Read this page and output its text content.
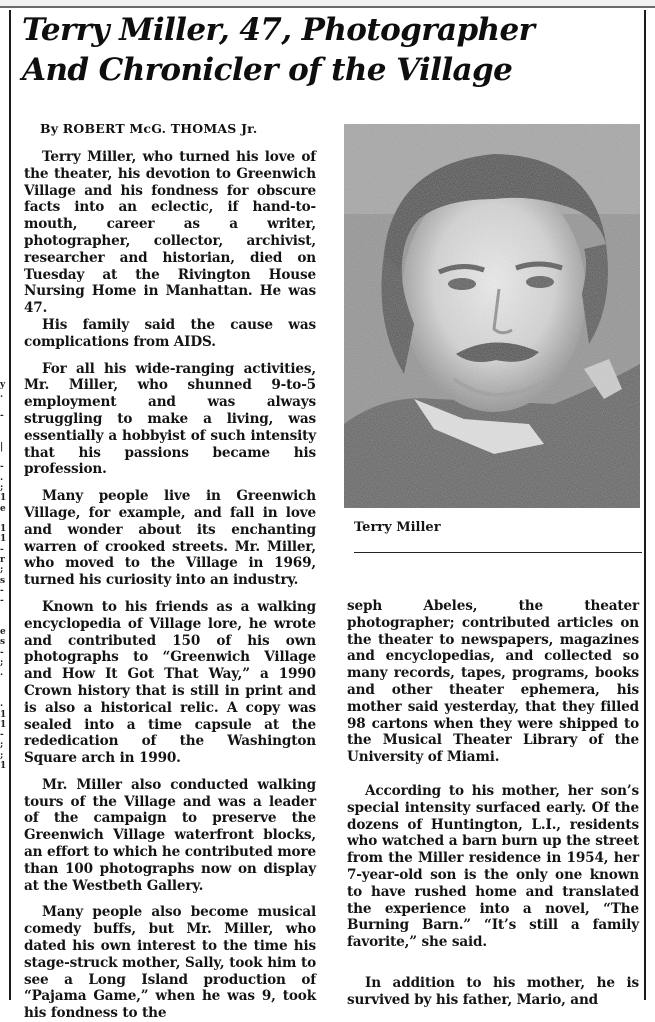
y
.

-

|

-
.
;
1
e

1
1
-
r
;
s
-
-

e
s
-
;
.

.
1
1
-
;
;
1
Terry Miller, 47, Photographer
And Chronicler of the Village
By ROBERT McG. THOMAS Jr.

Terry Miller, who turned his love of the theater, his devotion to Greenwich Village and his fondness for obscure facts into an eclectic, if hand-to-mouth, career as a writer, photographer, collector, archivist, researcher and historian, died on Tuesday at the Rivington House Nursing Home in Manhattan. He was 47.

His family said the cause was complications from AIDS.

For all his wide-ranging activities, Mr. Miller, who shunned 9-to-5 employment and was always struggling to make a living, was essentially a hobbyist of such intensity that his passions became his profession.

Many people live in Greenwich Village, for example, and fall in love and wonder about its enchanting warren of crooked streets. Mr. Miller, who moved to the Village in 1969, turned his curiosity into an industry.

Known to his friends as a walking encyclopedia of Village lore, he wrote and contributed 150 of his own photographs to “Greenwich Village and How It Got That Way,” a 1990 Crown history that is still in print and is also a historical relic. A copy was sealed into a time capsule at the rededication of the Washington Square arch in 1990.

Mr. Miller also conducted walking tours of the Village and was a leader of the campaign to preserve the Greenwich Village waterfront blocks, an effort to which he contributed more than 100 photographs now on display at the Westbeth Gallery.

Many people also become musical comedy buffs, but Mr. Miller, who dated his own interest to the time his stage-struck mother, Sally, took him to see a Long Island production of “Pajama Game,” when he was 9, took his fondness to the

Terry Miller

seph Abeles, the theater photographer; contributed articles on the theater to newspapers, magazines and encyclopedias, and collected so many records, tapes, programs, books and other theater ephemera, his mother said yesterday, that they filled 98 cartons when they were shipped to the Musical Theater Library of the University of Miami.

According to his mother, her son’s special intensity surfaced early. Of the dozens of Huntington, L.I., residents who watched a barn burn up the street from the Miller residence in 1954, her 7-year-old son is the only one known to have rushed home and translated the experience into a novel, “The Burning Barn.” “It’s still a family favorite,” she said.

In addition to his mother, he is survived by his father, Mario, and
